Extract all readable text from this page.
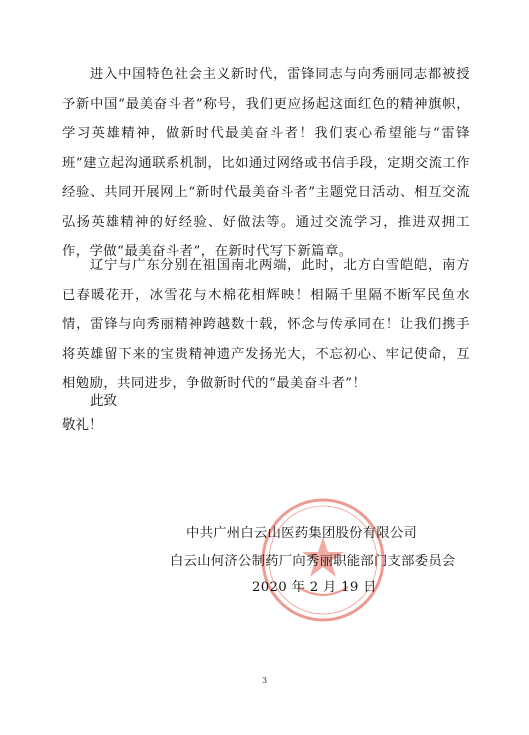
进入中国特色社会主义新时代，雷锋同志与向秀丽同志都被授予新中国“最美奋斗者”称号，我们更应扬起这面红色的精神旗帜，学习英雄精神，做新时代最美奋斗者！我们衷心希望能与“雷锋班”建立起沟通联系机制，比如通过网络或书信手段，定期交流工作经验、共同开展网上“新时代最美奋斗者”主题党日活动、相互交流弘扬英雄精神的好经验、好做法等。通过交流学习，推进双拥工作，学做“最美奋斗者”，在新时代写下新篇章。

辽宁与广东分别在祖国南北两端，此时，北方白雪皑皑，南方已春暖花开，冰雪花与木棉花相辉映！相隔千里隔不断军民鱼水情，雷锋与向秀丽精神跨越数十载，怀念与传承同在！让我们携手将英雄留下来的宝贵精神遗产发扬光大，不忘初心、牢记使命，互相勉励，共同进步，争做新时代的“最美奋斗者”！

此致

敬礼！

中共广州白云山医药集团股份有限公司

白云山何济公制药厂向秀丽职能部门支部委员会

2020 年 2 月 19 日

3
